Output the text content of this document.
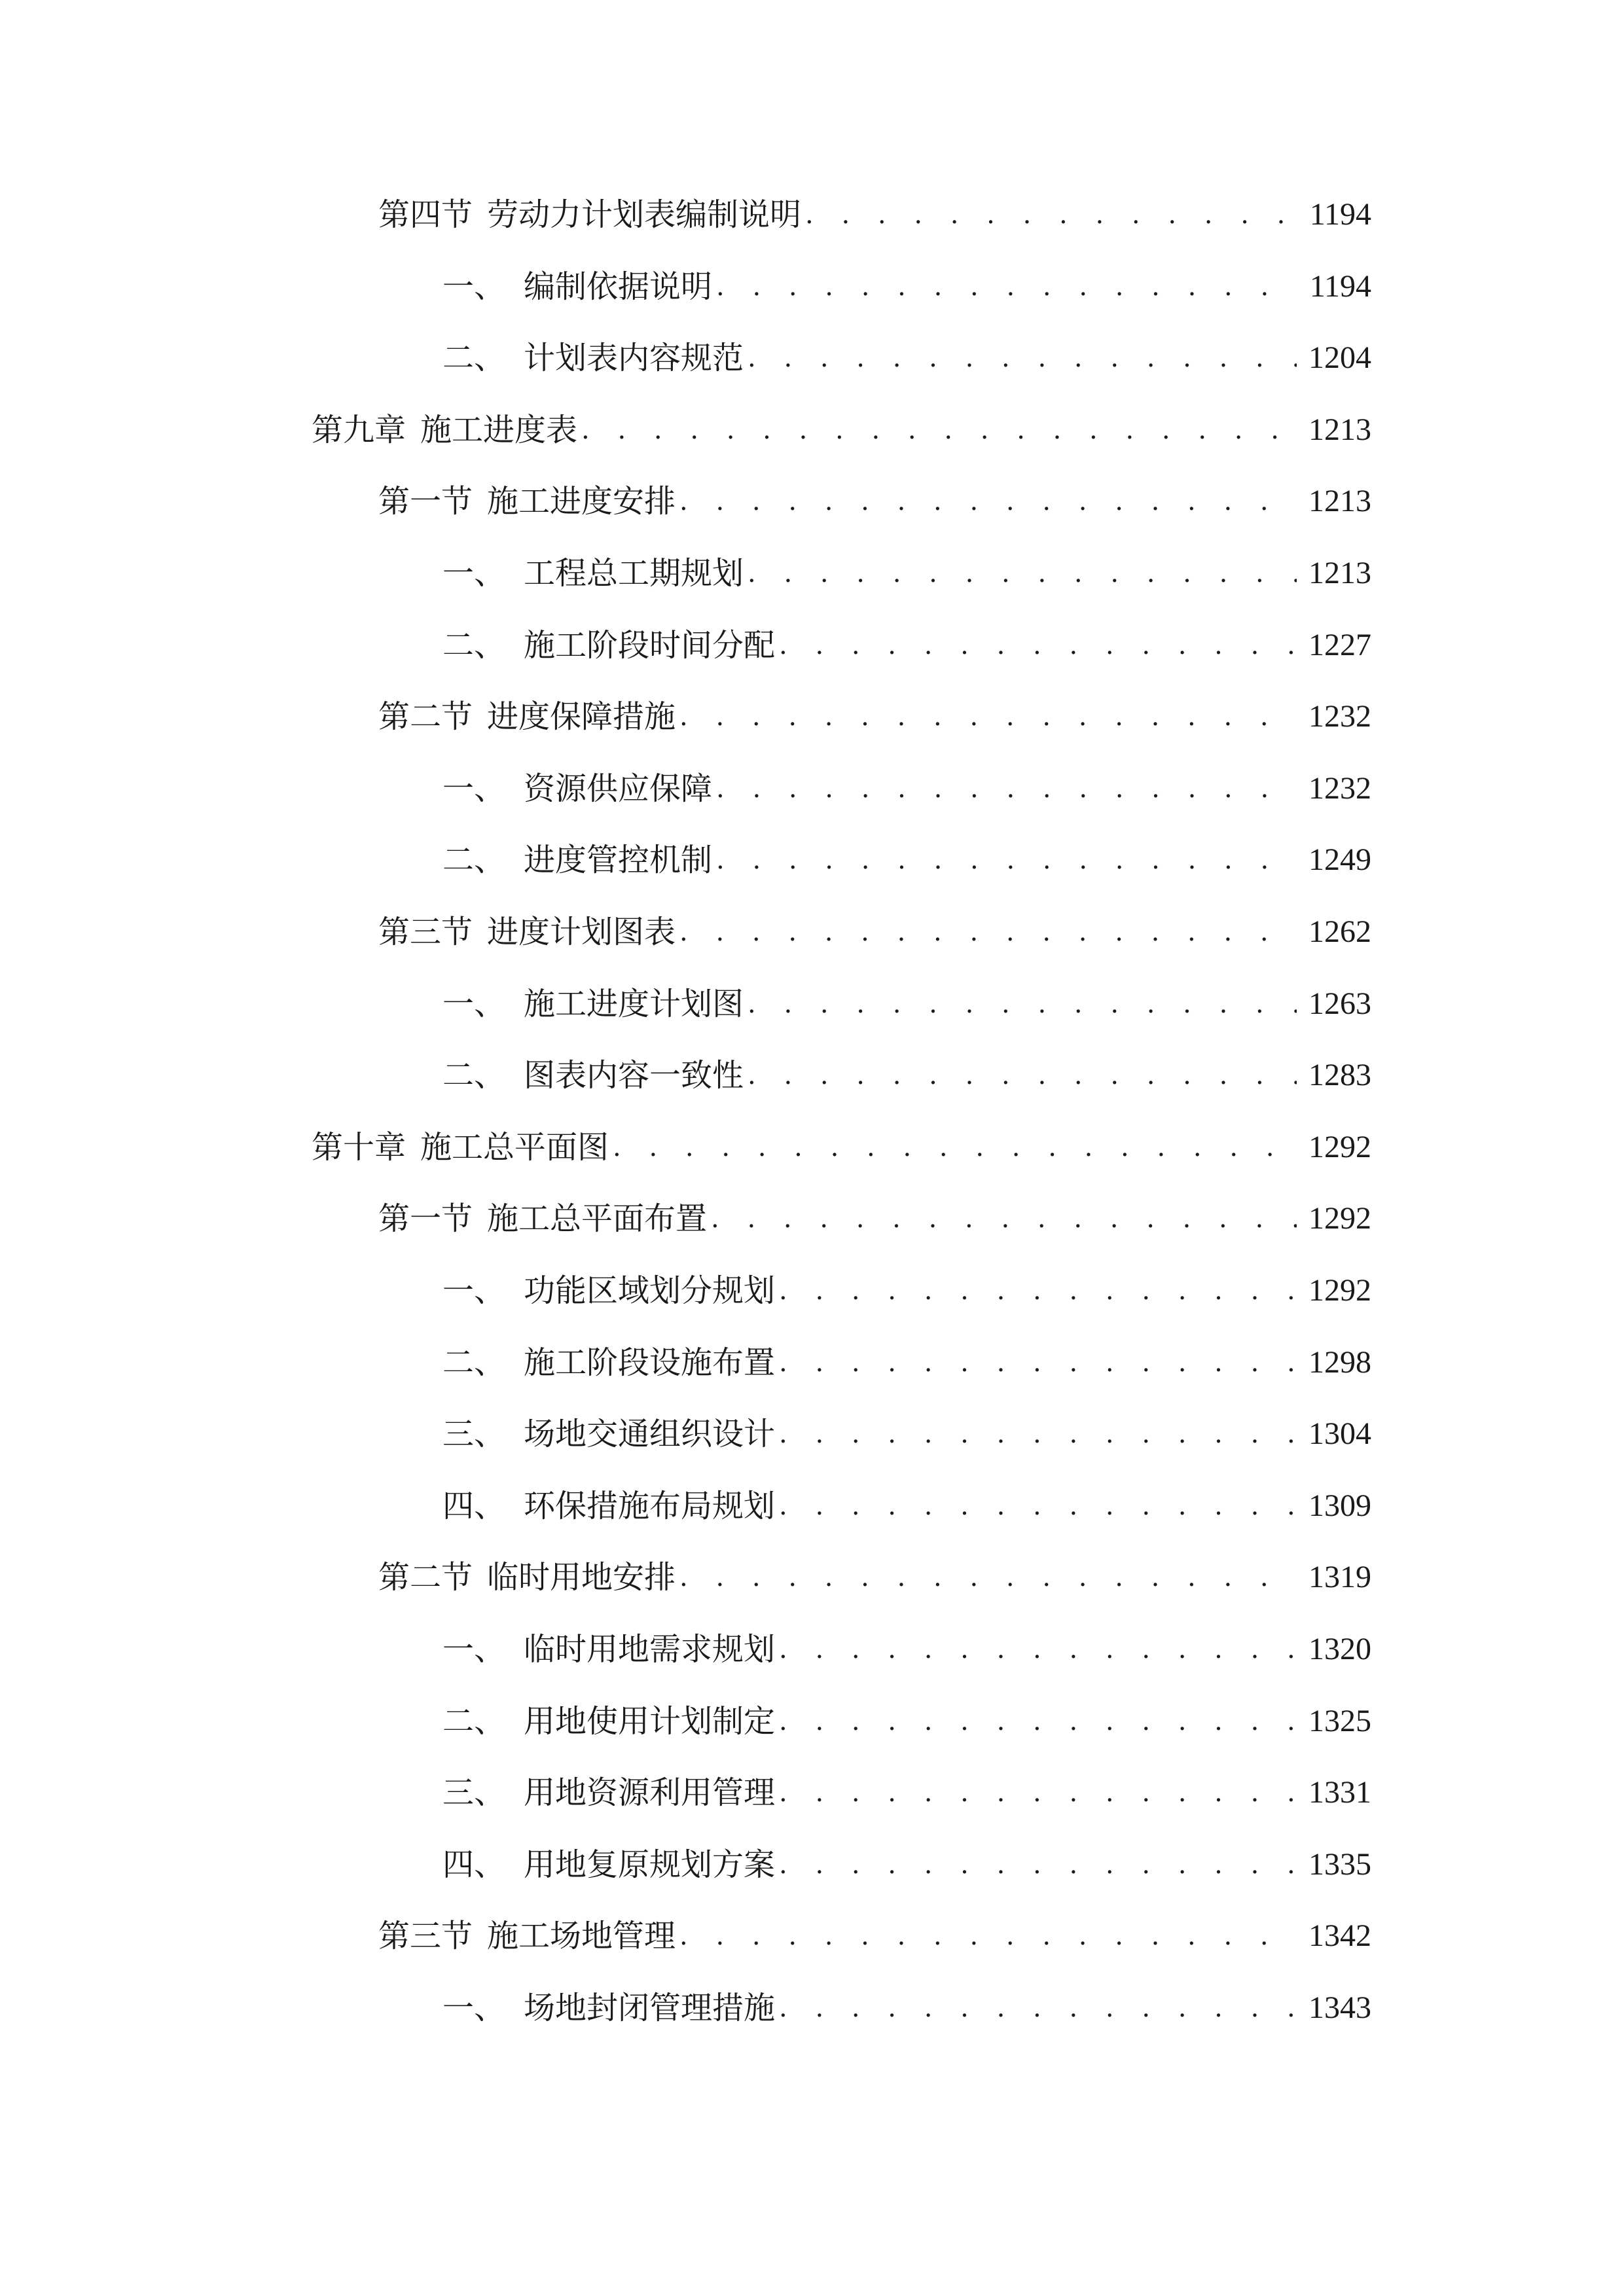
第四节 劳动力计划表编制说明 . . .	1194
一、 编制依据说明 . . .	1194
二、 计划表内容规范 . . .	1204
第九章 施工进度表 . . .	1213
第一节 施工进度安排 . . .	1213
一、 工程总工期规划 . . .	1213
二、 施工阶段时间分配 . . .	1227
第二节 进度保障措施 . . .	1232
一、 资源供应保障 . . .	1232
二、 进度管控机制 . . .	1249
第三节 进度计划图表 . . .	1262
一、 施工进度计划图 . . .	1263
二、 图表内容一致性 . . .	1283
第十章 施工总平面图 . . .	1292
第一节 施工总平面布置 . . .	1292
一、 功能区域划分规划 . . .	1292
二、 施工阶段设施布置 . . .	1298
三、 场地交通组织设计 . . .	1304
四、 环保措施布局规划 . . .	1309
第二节 临时用地安排 . . .	1319
一、 临时用地需求规划 . . .	1320
二、 用地使用计划制定 . . .	1325
三、 用地资源利用管理 . . .	1331
四、 用地复原规划方案 . . .	1335
第三节 施工场地管理 . . .	1342
一、 场地封闭管理措施 . . .	1343
